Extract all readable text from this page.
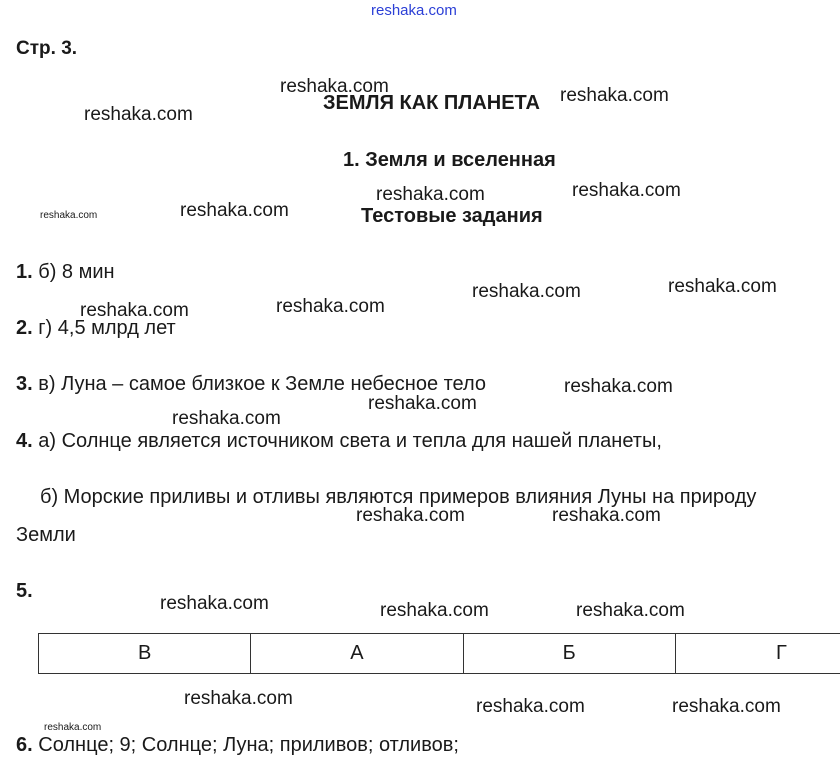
reshaka.com
Стр. 3.
ЗЕМЛЯ КАК ПЛАНЕТА
1. Земля и вселенная
Тестовые задания
1. б) 8 мин
2. г) 4,5 млрд лет
3. в) Луна – самое близкое к Земле небесное тело
4. а) Солнце является источником света и тепла для нашей планеты,
б) Морские приливы и отливы являются примеров влияния Луны на природу
Земли
5.
В	А	Б	Г
6. Солнце; 9; Солнце; Луна; приливов; отливов;
reshaka.com	reshaka.com
reshaka.com
reshaka.com	reshaka.com
reshaka.com	reshaka.com
reshaka.com	reshaka.com
reshaka.com	reshaka.com
reshaka.com
reshaka.com
reshaka.com
reshaka.com	reshaka.com
reshaka.com	reshaka.com	reshaka.com
reshaka.com	reshaka.com	reshaka.com
reshaka.com
